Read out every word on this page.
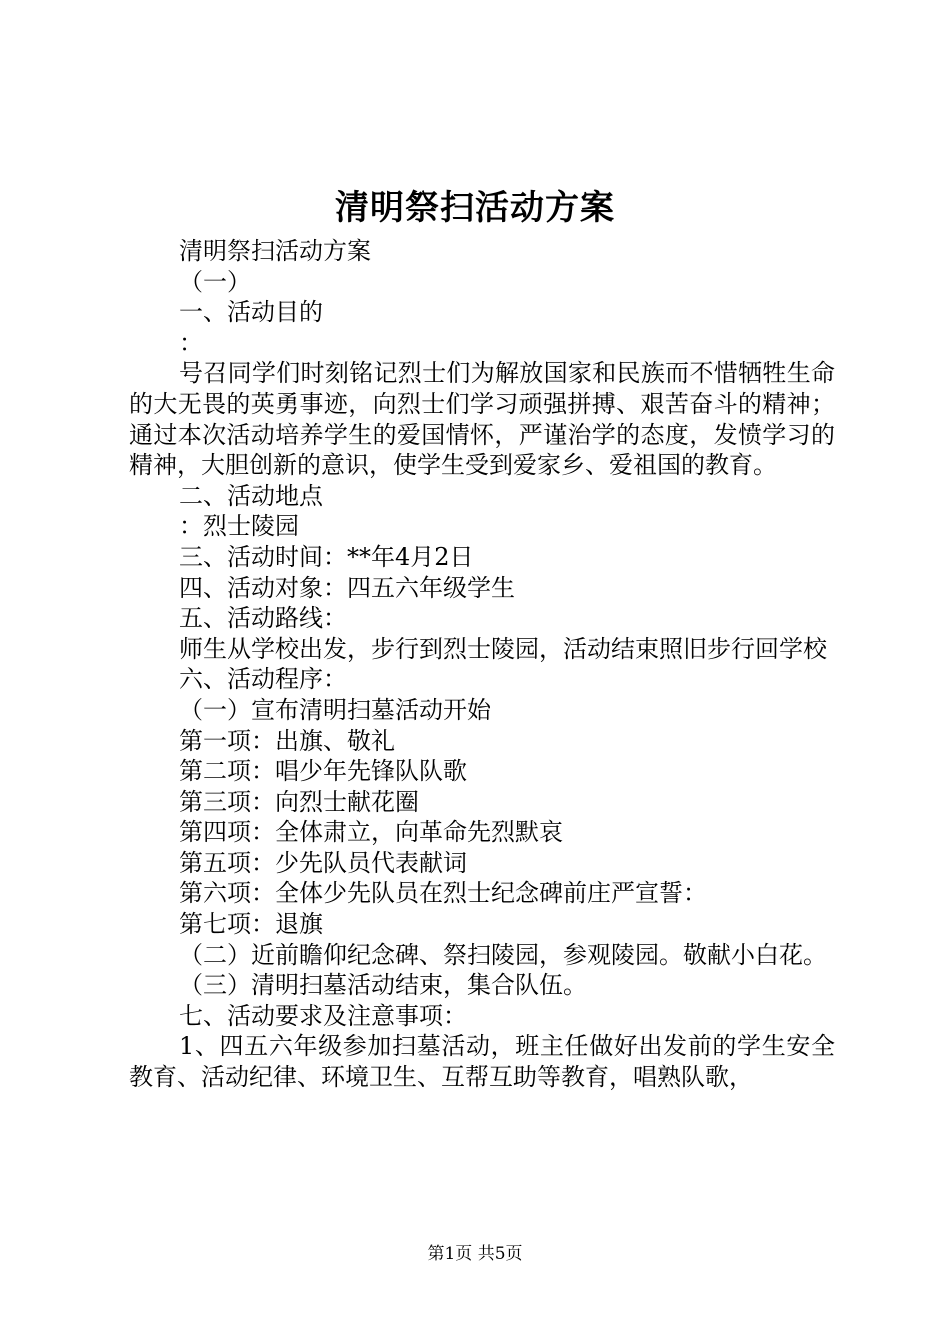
清明祭扫活动方案

清明祭扫活动方案

（一）

一、活动目的

：

号召同学们时刻铭记烈士们为解放国家和民族而不惜牺牲生命的大无畏的英勇事迹，向烈士们学习顽强拼搏、艰苦奋斗的精神；通过本次活动培养学生的爱国情怀，严谨治学的态度，发愤学习的精神，大胆创新的意识，使学生受到爱家乡、爱祖国的教育。

二、活动地点

：烈士陵园

三、活动时间：**年4月2日

四、活动对象：四五六年级学生

五、活动路线：

师生从学校出发，步行到烈士陵园，活动结束照旧步行回学校

六、活动程序：

（一）宣布清明扫墓活动开始

第一项：出旗、敬礼

第二项：唱少年先锋队队歌

第三项：向烈士献花圈

第四项：全体肃立，向革命先烈默哀

第五项：少先队员代表献词

第六项：全体少先队员在烈士纪念碑前庄严宣誓：

第七项：退旗

（二）近前瞻仰纪念碑、祭扫陵园，参观陵园。敬献小白花。

（三）清明扫墓活动结束，集合队伍。

七、活动要求及注意事项：

1、四五六年级参加扫墓活动，班主任做好出发前的学生安全教育、活动纪律、环境卫生、互帮互助等教育，唱熟队歌，

第1页 共5页
